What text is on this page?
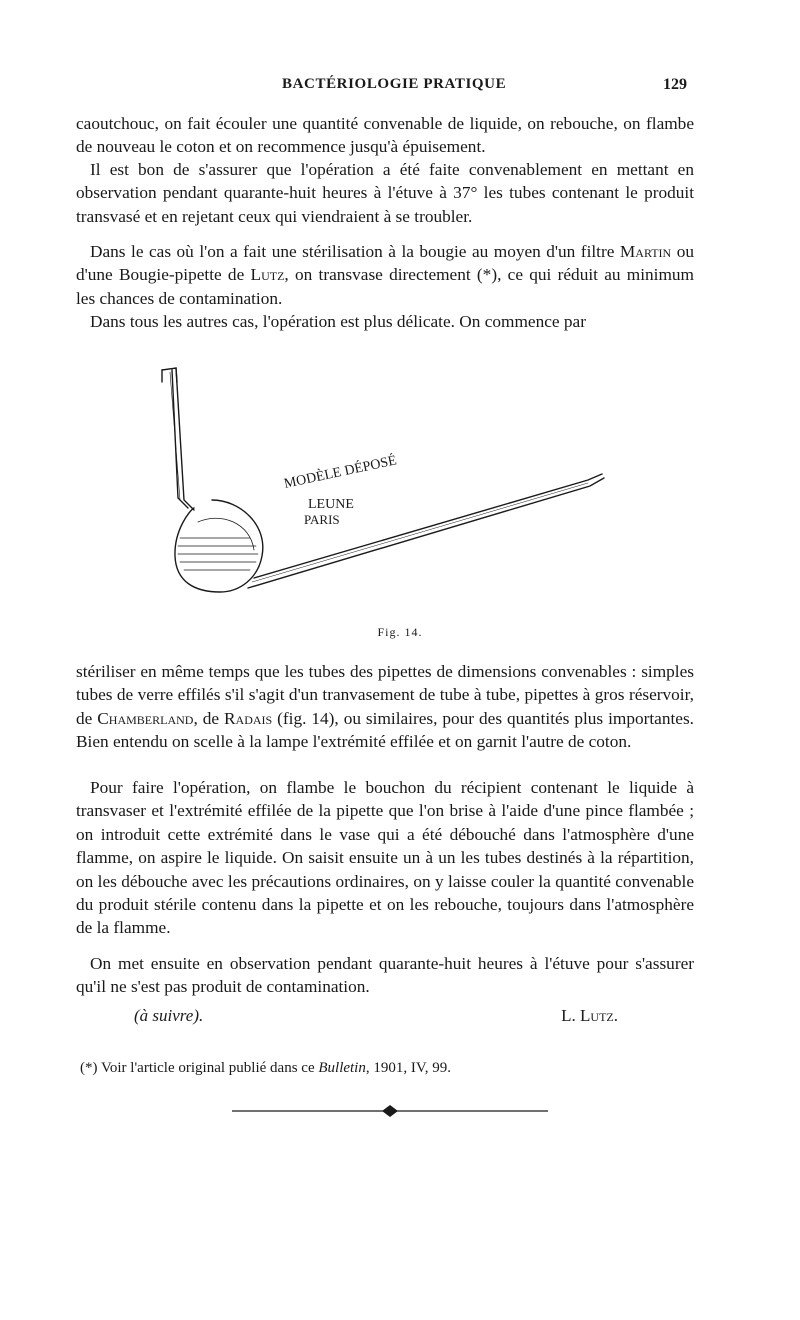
BACTÉRIOLOGIE PRATIQUE	129

caoutchouc, on fait écouler une quantité convenable de liquide, on rebouche, on flambe de nouveau le coton et on recommence jusqu'à épuisement.

Il est bon de s'assurer que l'opération a été faite convenablement en mettant en observation pendant quarante-huit heures à l'étuve à 37° les tubes contenant le produit transvasé et en rejetant ceux qui viendraient à se troubler.

Dans le cas où l'on a fait une stérilisation à la bougie au moyen d'un filtre Martin ou d'une Bougie-pipette de Lutz, on transvase directement (*), ce qui réduit au minimum les chances de contamination.

Dans tous les autres cas, l'opération est plus délicate. On commence par

MODÈLE DÉPOSÉ
LEUNE
PARIS
Fig. 14.

stériliser en même temps que les tubes des pipettes de dimensions convenables : simples tubes de verre effilés s'il s'agit d'un tranvasement de tube à tube, pipettes à gros réservoir, de Chamberland, de Radais (fig. 14), ou similaires, pour des quantités plus importantes. Bien entendu on scelle à la lampe l'extrémité effilée et on garnit l'autre de coton.

Pour faire l'opération, on flambe le bouchon du récipient contenant le liquide à transvaser et l'extrémité effilée de la pipette que l'on brise à l'aide d'une pince flambée ; on introduit cette extrémité dans le vase qui a été débouché dans l'atmosphère d'une flamme, on aspire le liquide. On saisit ensuite un à un les tubes destinés à la répartition, on les débouche avec les précautions ordinaires, on y laisse couler la quantité convenable du produit stérile contenu dans la pipette et on les rebouche, toujours dans l'atmosphère de la flamme.

On met ensuite en observation pendant quarante-huit heures à l'étuve pour s'assurer qu'il ne s'est pas produit de contamination.

(à suivre).	L. Lutz.
(*) Voir l'article original publié dans ce Bulletin, 1901, IV, 99.
